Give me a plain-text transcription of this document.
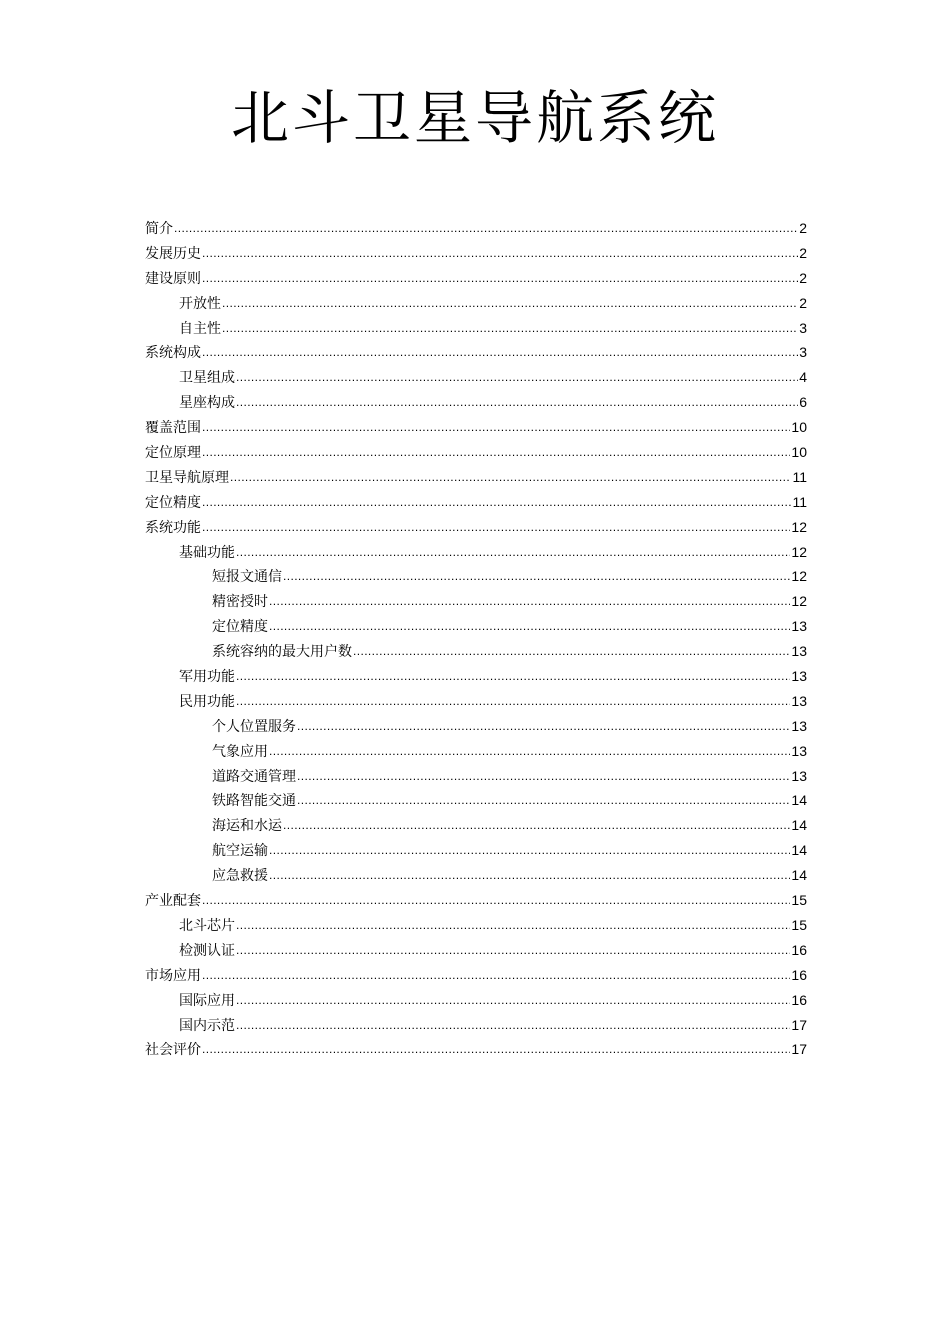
北斗卫星导航系统
简介 .....	2
发展历史 .....	2
建设原则 .....	2
开放性 .....	2
自主性 .....	3
系统构成 .....	3
卫星组成 .....	4
星座构成 .....	6
覆盖范围 .....	10
定位原理 .....	10
卫星导航原理 .....	11
定位精度 .....	11
系统功能 .....	12
基础功能 .....	12
短报文通信 .....	12
精密授时 .....	12
定位精度 .....	13
系统容纳的最大用户数 .....	13
军用功能 .....	13
民用功能 .....	13
个人位置服务 .....	13
气象应用 .....	13
道路交通管理 .....	13
铁路智能交通 .....	14
海运和水运 .....	14
航空运输 .....	14
应急救援 .....	14
产业配套 .....	15
北斗芯片 .....	15
检测认证 .....	16
市场应用 .....	16
国际应用 .....	16
国内示范 .....	17
社会评价 .....	17
